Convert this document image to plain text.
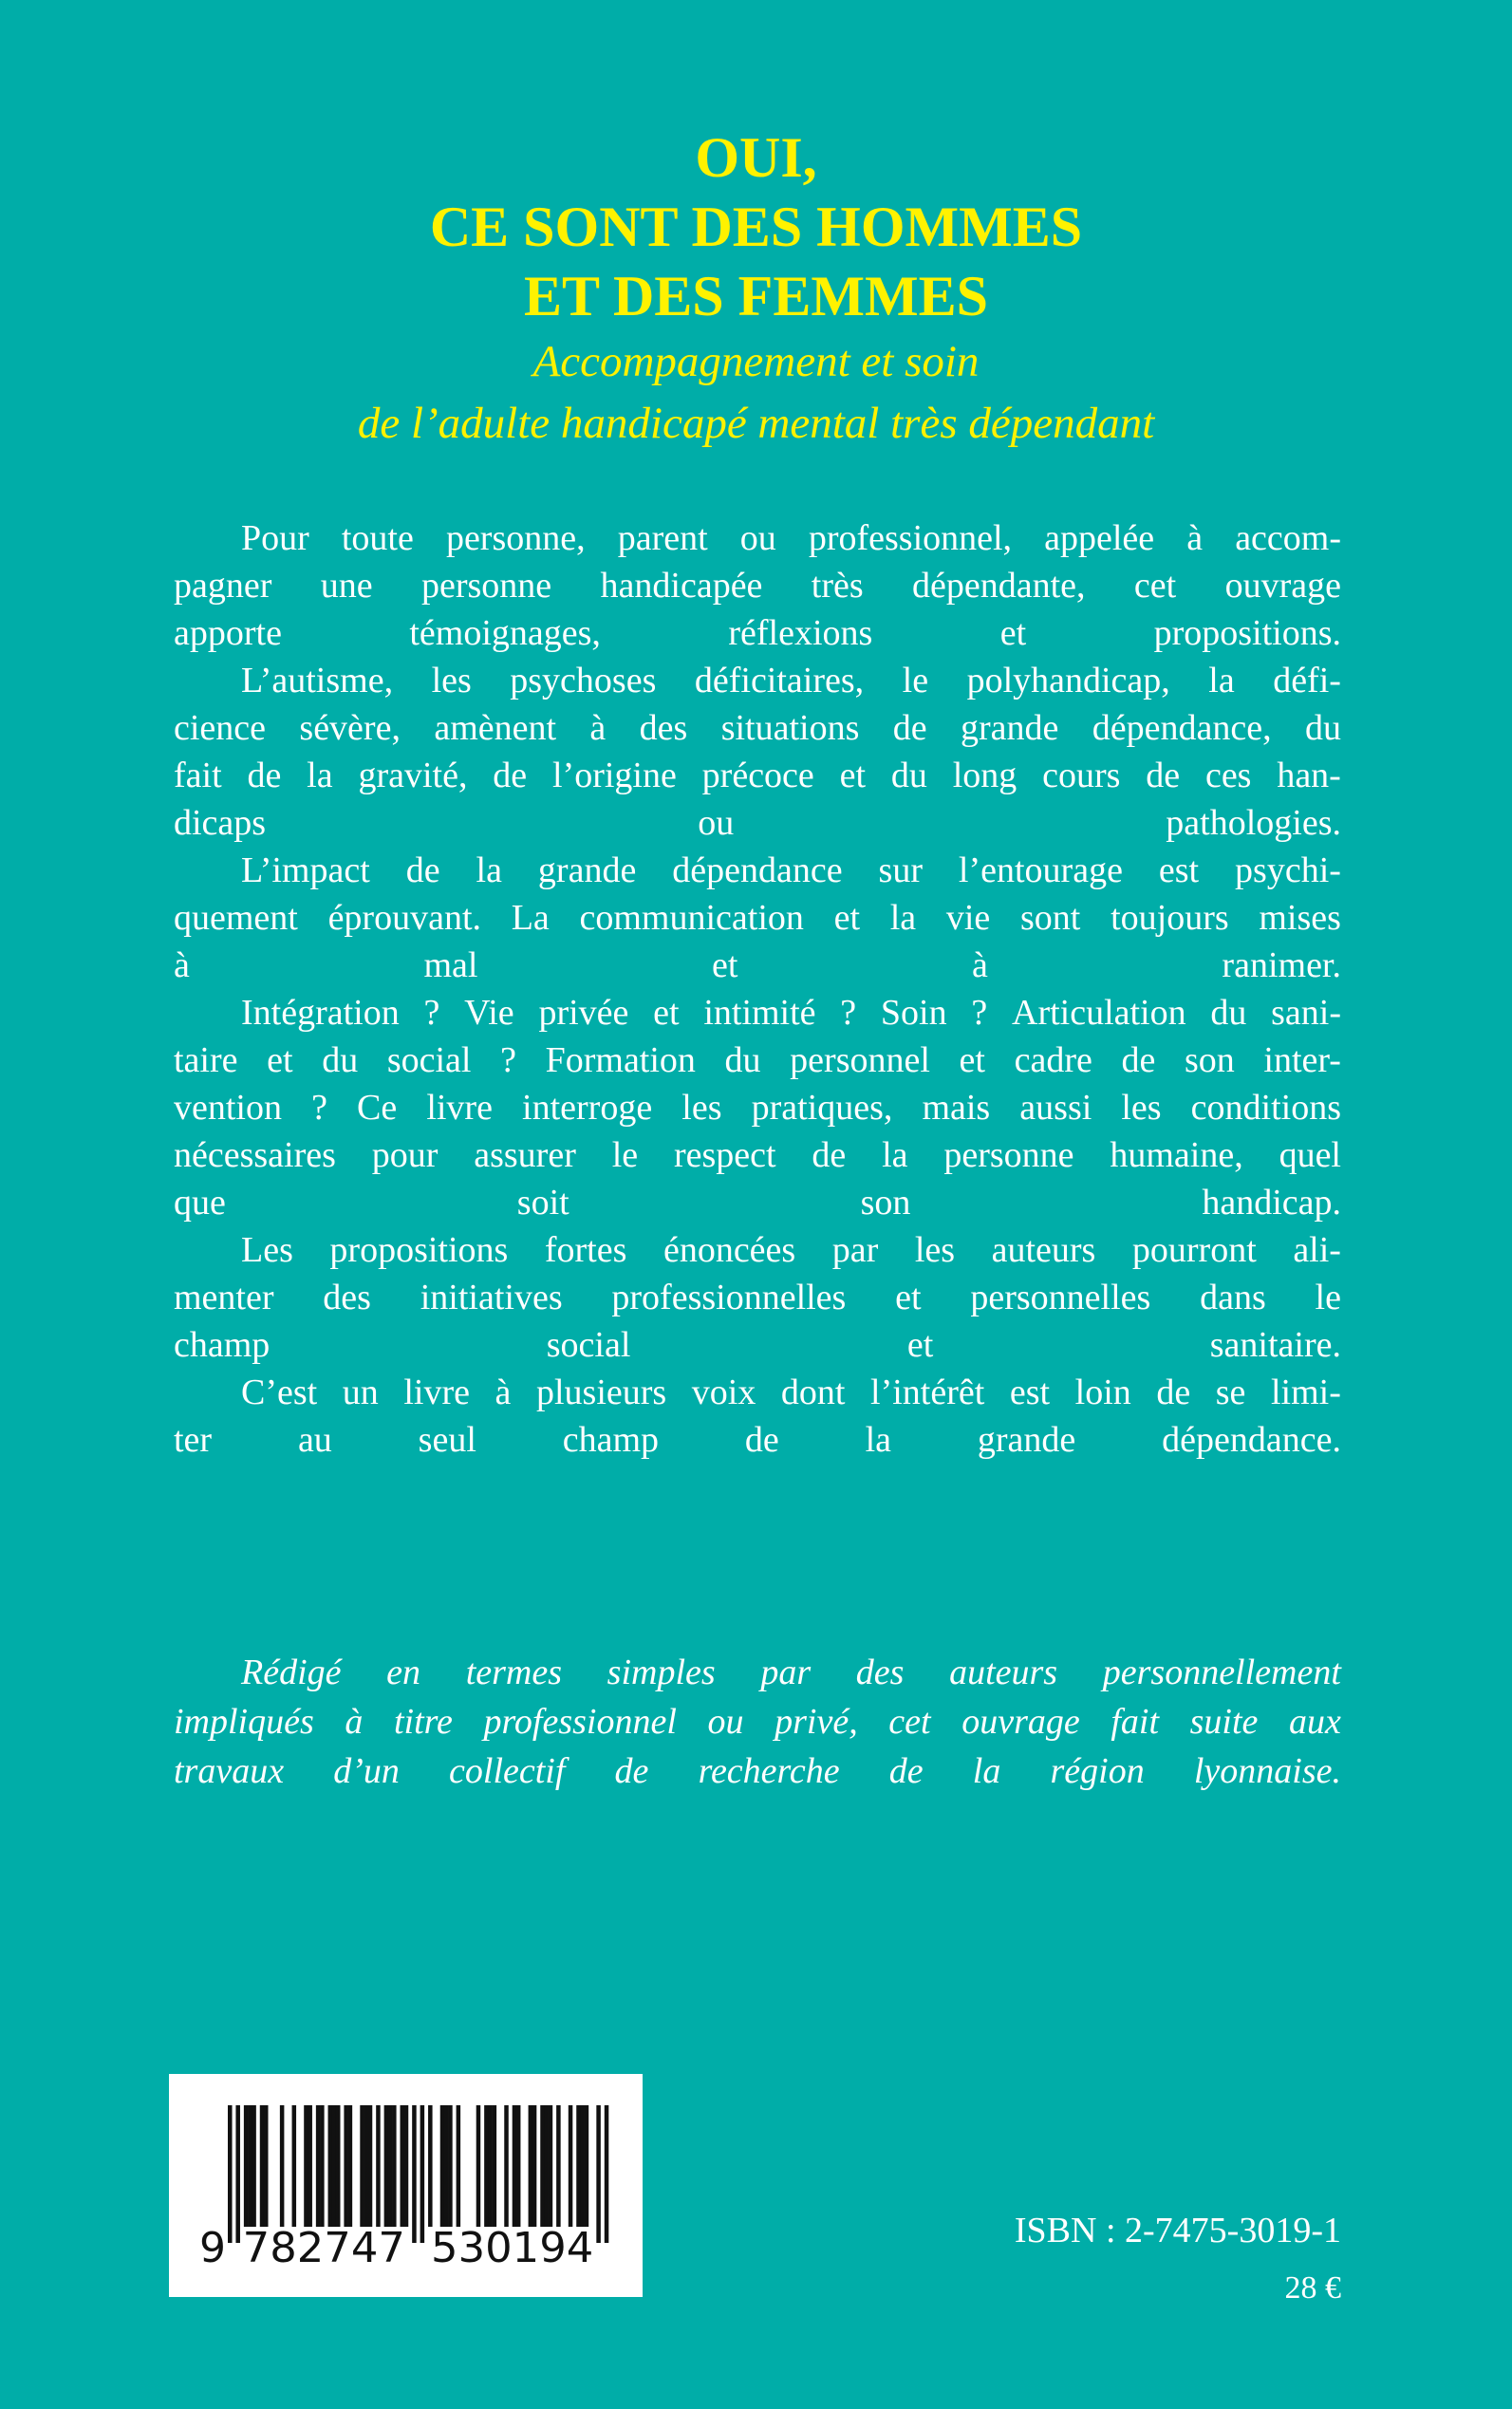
OUI,
CE SONT DES HOMMES
ET DES FEMMES
Accompagnement et soin
de l’adulte handicapé mental très dépendant
Pour toute personne, parent ou professionnel, appelée à accom-
pagner une personne handicapée très dépendante, cet ouvrage
apporte témoignages, réflexions et propositions.
L’autisme, les psychoses déficitaires, le polyhandicap, la défi-
cience sévère, amènent à des situations de grande dépendance, du
fait de la gravité, de l’origine précoce et du long cours de ces han-
dicaps ou pathologies.
L’impact de la grande dépendance sur l’entourage est psychi-
quement éprouvant. La communication et la vie sont toujours mises
à mal et à ranimer.
Intégration ? Vie privée et intimité ? Soin ? Articulation du sani-
taire et du social ? Formation du personnel et cadre de son inter-
vention ? Ce livre interroge les pratiques, mais aussi les conditions
nécessaires pour assurer le respect de la personne humaine, quel
que soit son handicap.
Les propositions fortes énoncées par les auteurs pourront ali-
menter des initiatives professionnelles et personnelles dans le
champ social et sanitaire.
C’est un livre à plusieurs voix dont l’intérêt est loin de se limi-
ter au seul champ de la grande dépendance.
Rédigé en termes simples par des auteurs personnellement
impliqués à titre professionnel ou privé, cet ouvrage fait suite aux
travaux d’un collectif de recherche de la région lyonnaise.
9 782747 530194	ISBN : 2-7475-3019-1
28 €
